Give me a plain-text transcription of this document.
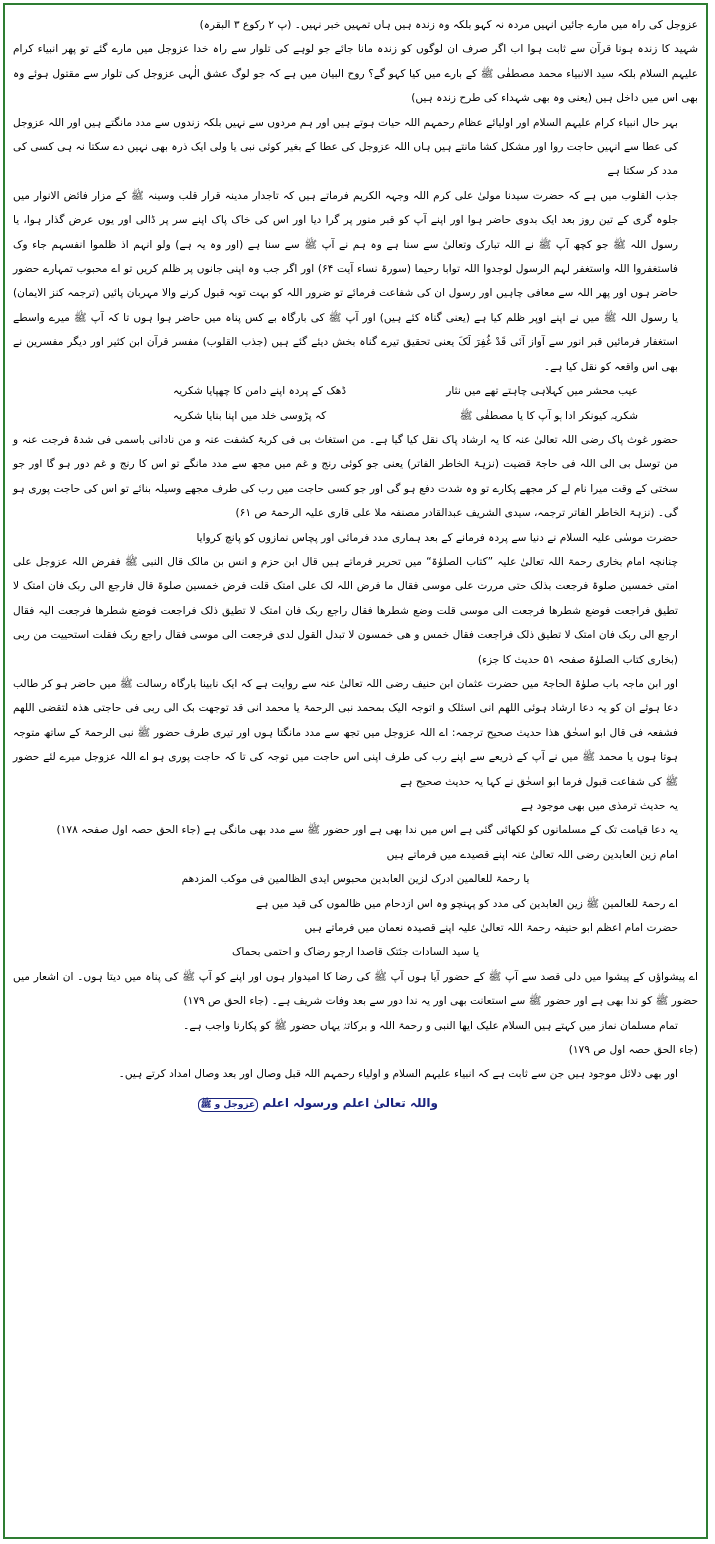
عزوجل کی راہ میں مارے جائیں انہیں مردہ نہ کہو بلکہ وہ زندہ ہیں ہاں تمہیں خبر نہیں۔ (پ ۲ رکوع ۳ البقرہ)

شہید کا زندہ ہونا قرآن سے ثابت ہوا اب اگر صرف ان لوگوں کو زندہ مانا جائے جو لوہے کی تلوار سے راہ خدا عزوجل میں مارے گئے تو پھر انبیاء کرام علیہم السلام بلکہ سید الانبیاء محمد مصطفٰی ﷺ کے بارے میں کیا کہو گے؟ روح البیان میں ہے کہ جو لوگ عشق الٰہی عزوجل کی تلوار سے مقتول ہوئے وہ بھی اس میں داخل ہیں (یعنی وہ بھی شہداء کی طرح زندہ ہیں)

بہر حال انبیاء کرام علیہم السلام اور اولیائے عظام رحمہم اللہ حیات ہوتے ہیں اور ہم مردوں سے نہیں بلکہ زندوں سے مدد مانگتے ہیں اور اللہ عزوجل کی عطا سے انہیں حاجت روا اور مشکل کشا مانتے ہیں ہاں اللہ عزوجل کی عطا کے بغیر کوئی نبی یا ولی ایک ذرہ بھی نہیں دے سکتا نہ ہی کسی کی مدد کر سکتا ہے

جذب القلوب میں ہے کہ حضرت سیدنا مولیٰ علی کرم اللہ وجہہ الکریم فرماتے ہیں کہ تاجدار مدینہ قرار قلب وسینہ ﷺ کے مزار فائض الانوار میں جلوہ گری کے تین روز بعد ایک بدوی حاضر ہوا اور اپنے آپ کو قبر منور پر گرا دیا اور اس کی خاک پاک اپنے سر پر ڈالی اور یوں عرض گذار ہوا، یا رسول اللہ ﷺ جو کچھ آپ ﷺ نے اللہ تبارک وتعالیٰ سے سنا ہے وہ ہم نے آپ ﷺ سے سنا ہے (اور وہ یہ ہے) ولو انہم اذ ظلموا انفسہم جاء وک فاستغفروا اللہ واستغفر لہم الرسول لوجدوا اللہ توابا رحیما (سورۃ نساء آیت ۶۴) اور اگر جب وہ اپنی جانوں پر ظلم کریں تو اے محبوب تمہارے حضور حاضر ہوں اور پھر اللہ سے معافی چاہیں اور رسول ان کی شفاعت فرمائے تو ضرور اللہ کو بہت توبہ قبول کرنے والا مہربان پائیں (ترجمہ کنز الایمان) یا رسول اللہ ﷺ میں نے اپنے اوپر ظلم کیا ہے (یعنی گناہ کئے ہیں) اور آپ ﷺ کی بارگاہ بے کس پناہ میں حاضر ہوا ہوں تا کہ آپ ﷺ میرے واسطے استغفار فرمائیں قبر انور سے آواز آئی قَدْ غُفِرَ لَکَ یعنی تحقیق تیرے گناہ بخش دیئے گئے ہیں (جذب القلوب) مفسر قرآن ابن کثیر اور دیگر مفسرین نے بھی اس واقعہ کو نقل کیا ہے۔

عیب محشر میں کہلاہی چاہتے تھے میں نثار
ڈھک کے پردہ اپنے دامن کا چھپایا شکریہ
شکریہ کیونکر ادا ہو آپ کا یا مصطفٰی ﷺ
کہ پڑوسی خلد میں اپنا بنایا شکریہ

حضور غوث پاک رضی اللہ تعالیٰ عنہ کا یہ ارشاد پاک نقل کیا گیا ہے۔ من استغاث بی فی کربۃ کشفت عنہ و من نادانی باسمی فی شدۃ فرجت عنہ و من توسل بی الی اللہ فی حاجۃ قضیت (نزہۃ الخاطر الفاتر) یعنی جو کوئی رنج و غم میں مجھ سے مدد مانگے تو اس کا رنج و غم دور ہو گا اور جو سختی کے وقت میرا نام لے کر مجھے پکارے تو وہ شدت دفع ہو گی اور جو کسی حاجت میں رب کی طرف مجھے وسیلہ بنائے تو اس کی حاجت پوری ہو گی۔ (نزہۃ الخاطر الفاتر ترجمہ، سیدی الشریف عبدالقادر مصنفہ ملا علی قاری علیہ الرحمۃ ص ۶۱)

حضرت موسٰی علیہ السلام نے دنیا سے پردہ فرمانے کے بعد ہماری مدد فرمائی اور پچاس نمازوں کو پانچ کروایا

چنانچہ امام بخاری رحمۃ اللہ تعالیٰ علیہ ”کتاب الصلوٰۃ“ میں تحریر فرماتے ہیں قال ابن حزم و انس بن مالک قال النبی ﷺ ففرض اللہ عزوجل علی امتی خمسین صلوۃ فرجعت بذلک حتی مررت علی موسی فقال ما فرض اللہ لک علی امتک قلت فرض خمسین صلوۃ قال فارجع الی ربک فان امتک لا تطیق فراجعت فوضع شطرھا فرجعت الی موسی قلت وضع شطرھا فقال راجع ربک فان امتک لا تطیق ذلک فراجعت فوضع شطرھا فرجعت الیہ فقال ارجع الی ربک فان امتک لا تطیق ذلک فراجعت فقال خمس و ھی خمسون لا تبدل القول لدی فرجعت الی موسی فقال راجع ربک فقلت استحییت من ربی (بخاری کتاب الصلوٰۃ صفحہ ۵۱ حدیث کا جزء)

اور ابن ماجہ باب صلوٰۃ الحاجۃ میں حضرت عثمان ابن حنیف رضی اللہ تعالیٰ عنہ سے روایت ہے کہ ایک نابینا بارگاہ رسالت ﷺ میں حاضر ہو کر طالب دعا ہوئے ان کو یہ دعا ارشاد ہوئی اللھم انی اسئلک و اتوجہ الیک بمحمد نبی الرحمۃ یا محمد انی قد توجھت بک الی ربی فی حاجتی ھذہ لتقضی اللھم فشفعہ فی قال ابو اسحٰق ھذا حدیث صحیح ترجمہ: اے اللہ عزوجل میں تجھ سے مدد مانگتا ہوں اور تیری طرف حضور ﷺ نبی الرحمۃ کے ساتھ متوجہ ہوتا ہوں یا محمد ﷺ میں نے آپ کے ذریعے سے اپنے رب کی طرف اپنی اس حاجت میں توجہ کی تا کہ حاجت پوری ہو اے اللہ عزوجل میرے لئے حضور ﷺ کی شفاعت قبول فرما ابو اسحٰق نے کہا یہ حدیث صحیح ہے

یہ حدیث ترمذی میں بھی موجود ہے

یہ دعا قیامت تک کے مسلمانوں کو لکھائی گئی ہے اس میں ندا بھی ہے اور حضور ﷺ سے مدد بھی مانگی ہے (جاء الحق حصہ اول صفحہ ۱۷۸)

امام زین العابدین رضی اللہ تعالیٰ عنہ اپنے قصیدے میں فرماتے ہیں

یا رحمۃ للعالمین ادرک لزین العابدین محبوس ایدی الظالمین فی موکب المزدھم

اے رحمۃ للعالمین ﷺ زین العابدین کی مدد کو پہنچو وہ اس ازدحام میں ظالموں کی قید میں ہے

حضرت امام اعظم ابو حنیفہ رحمۃ اللہ تعالیٰ علیہ اپنے قصیدہ نعمان میں فرماتے ہیں

یا سید السادات جئتک قاصدا ارجو رضاک و احتمی بحماک

اے پیشواؤں کے پیشوا میں دلی قصد سے آپ ﷺ کے حضور آیا ہوں آپ ﷺ کی رضا کا امیدوار ہوں اور اپنے کو آپ ﷺ کی پناہ میں دیتا ہوں۔ ان اشعار میں حضور ﷺ کو ندا بھی ہے اور حضور ﷺ سے استعانت بھی اور یہ ندا دور سے بعد وفات شریف ہے۔ (جاء الحق ص ۱۷۹)

تمام مسلمان نماز میں کہتے ہیں السلام علیک ایھا النبی و رحمۃ اللہ و برکاتہٗ یہاں حضور ﷺ کو پکارنا واجب ہے۔

(جاء الحق حصہ اول ص ۱۷۹)

اور بھی دلائل موجود ہیں جن سے ثابت ہے کہ انبیاء علیہم السلام و اولیاء رحمہم اللہ قبل وصال اور بعد وصال امداد کرتے ہیں۔

واللہ تعالیٰ اعلم ورسولہ اعلم عزوجل و ﷺ
